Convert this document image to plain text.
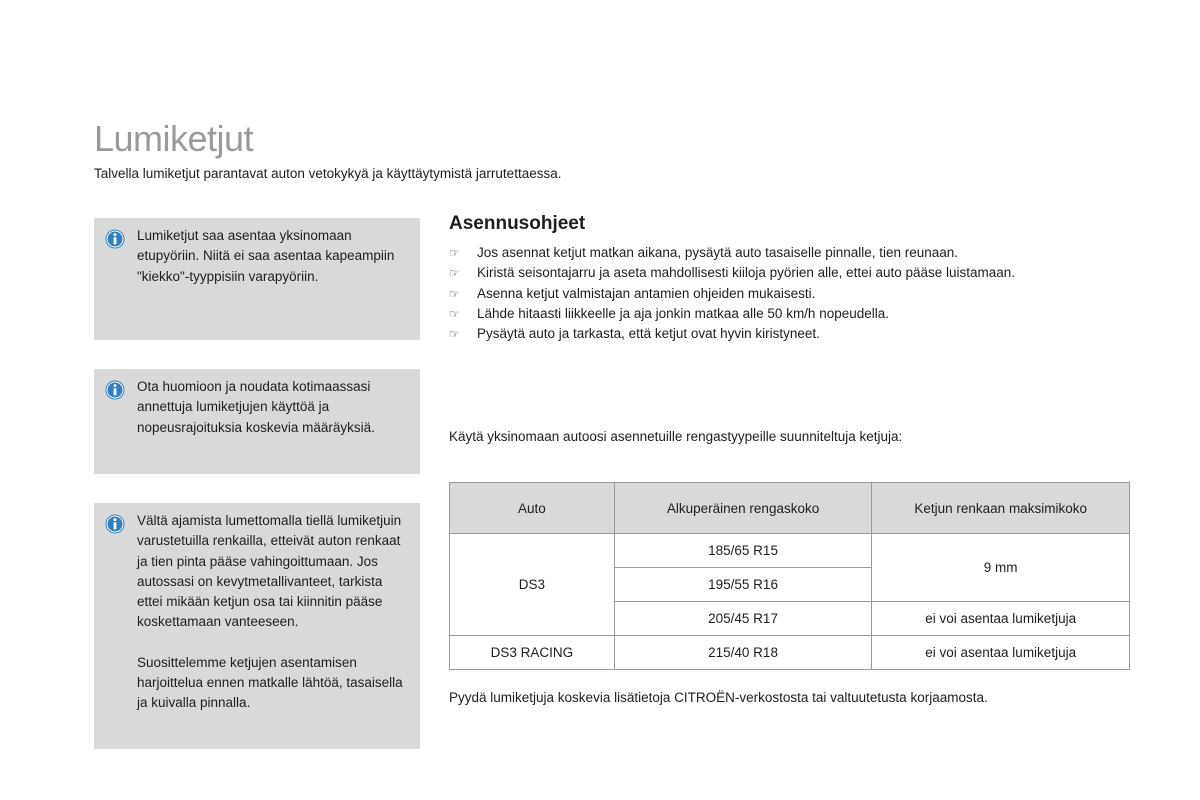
Lumiketjut
Talvella lumiketjut parantavat auton vetokykyä ja käyttäytymistä jarrutettaessa.

Lumiketjut saa asentaa yksinomaan etupyöriin. Niitä ei saa asentaa kapeampiin "kiekko"-tyyppisiin varapyöriin.

Ota huomioon ja noudata kotimaassasi annettuja lumiketjujen käyttöä ja nopeusrajoituksia koskevia määräyksiä.

Vältä ajamista lumettomalla tiellä lumiketjuin varustetuilla renkailla, etteivät auton renkaat ja tien pinta pääse vahingoittumaan. Jos autossasi on kevytmetallivanteet, tarkista ettei mikään ketjun osa tai kiinnitin pääse koskettamaan vanteeseen.

Suosittelemme ketjujen asentamisen harjoittelua ennen matkalle lähtöä, tasaisella ja kuivalla pinnalla.

Asennusohjeet
☞ Jos asennat ketjut matkan aikana, pysäytä auto tasaiselle pinnalle, tien reunaan.
☞ Kiristä seisontajarru ja aseta mahdollisesti kiiloja pyörien alle, ettei auto pääse luistamaan.
☞ Asenna ketjut valmistajan antamien ohjeiden mukaisesti.
☞ Lähde hitaasti liikkeelle ja aja jonkin matkaa alle 50 km/h nopeudella.
☞ Pysäytä auto ja tarkasta, että ketjut ovat hyvin kiristyneet.
Käytä yksinomaan autoosi asennetuille rengastyypeille suunniteltuja ketjuja:
Auto	Alkuperäinen rengaskoko	Ketjun renkaan maksimikoko
DS3	185/65 R15	9 mm
	195/55 R16	
	205/45 R17	ei voi asentaa lumiketjuja
DS3 RACING	215/40 R18	ei voi asentaa lumiketjuja
Pyydä lumiketjuja koskevia lisätietoja CITROËN-verkostosta tai valtuutetusta korjaamosta.
